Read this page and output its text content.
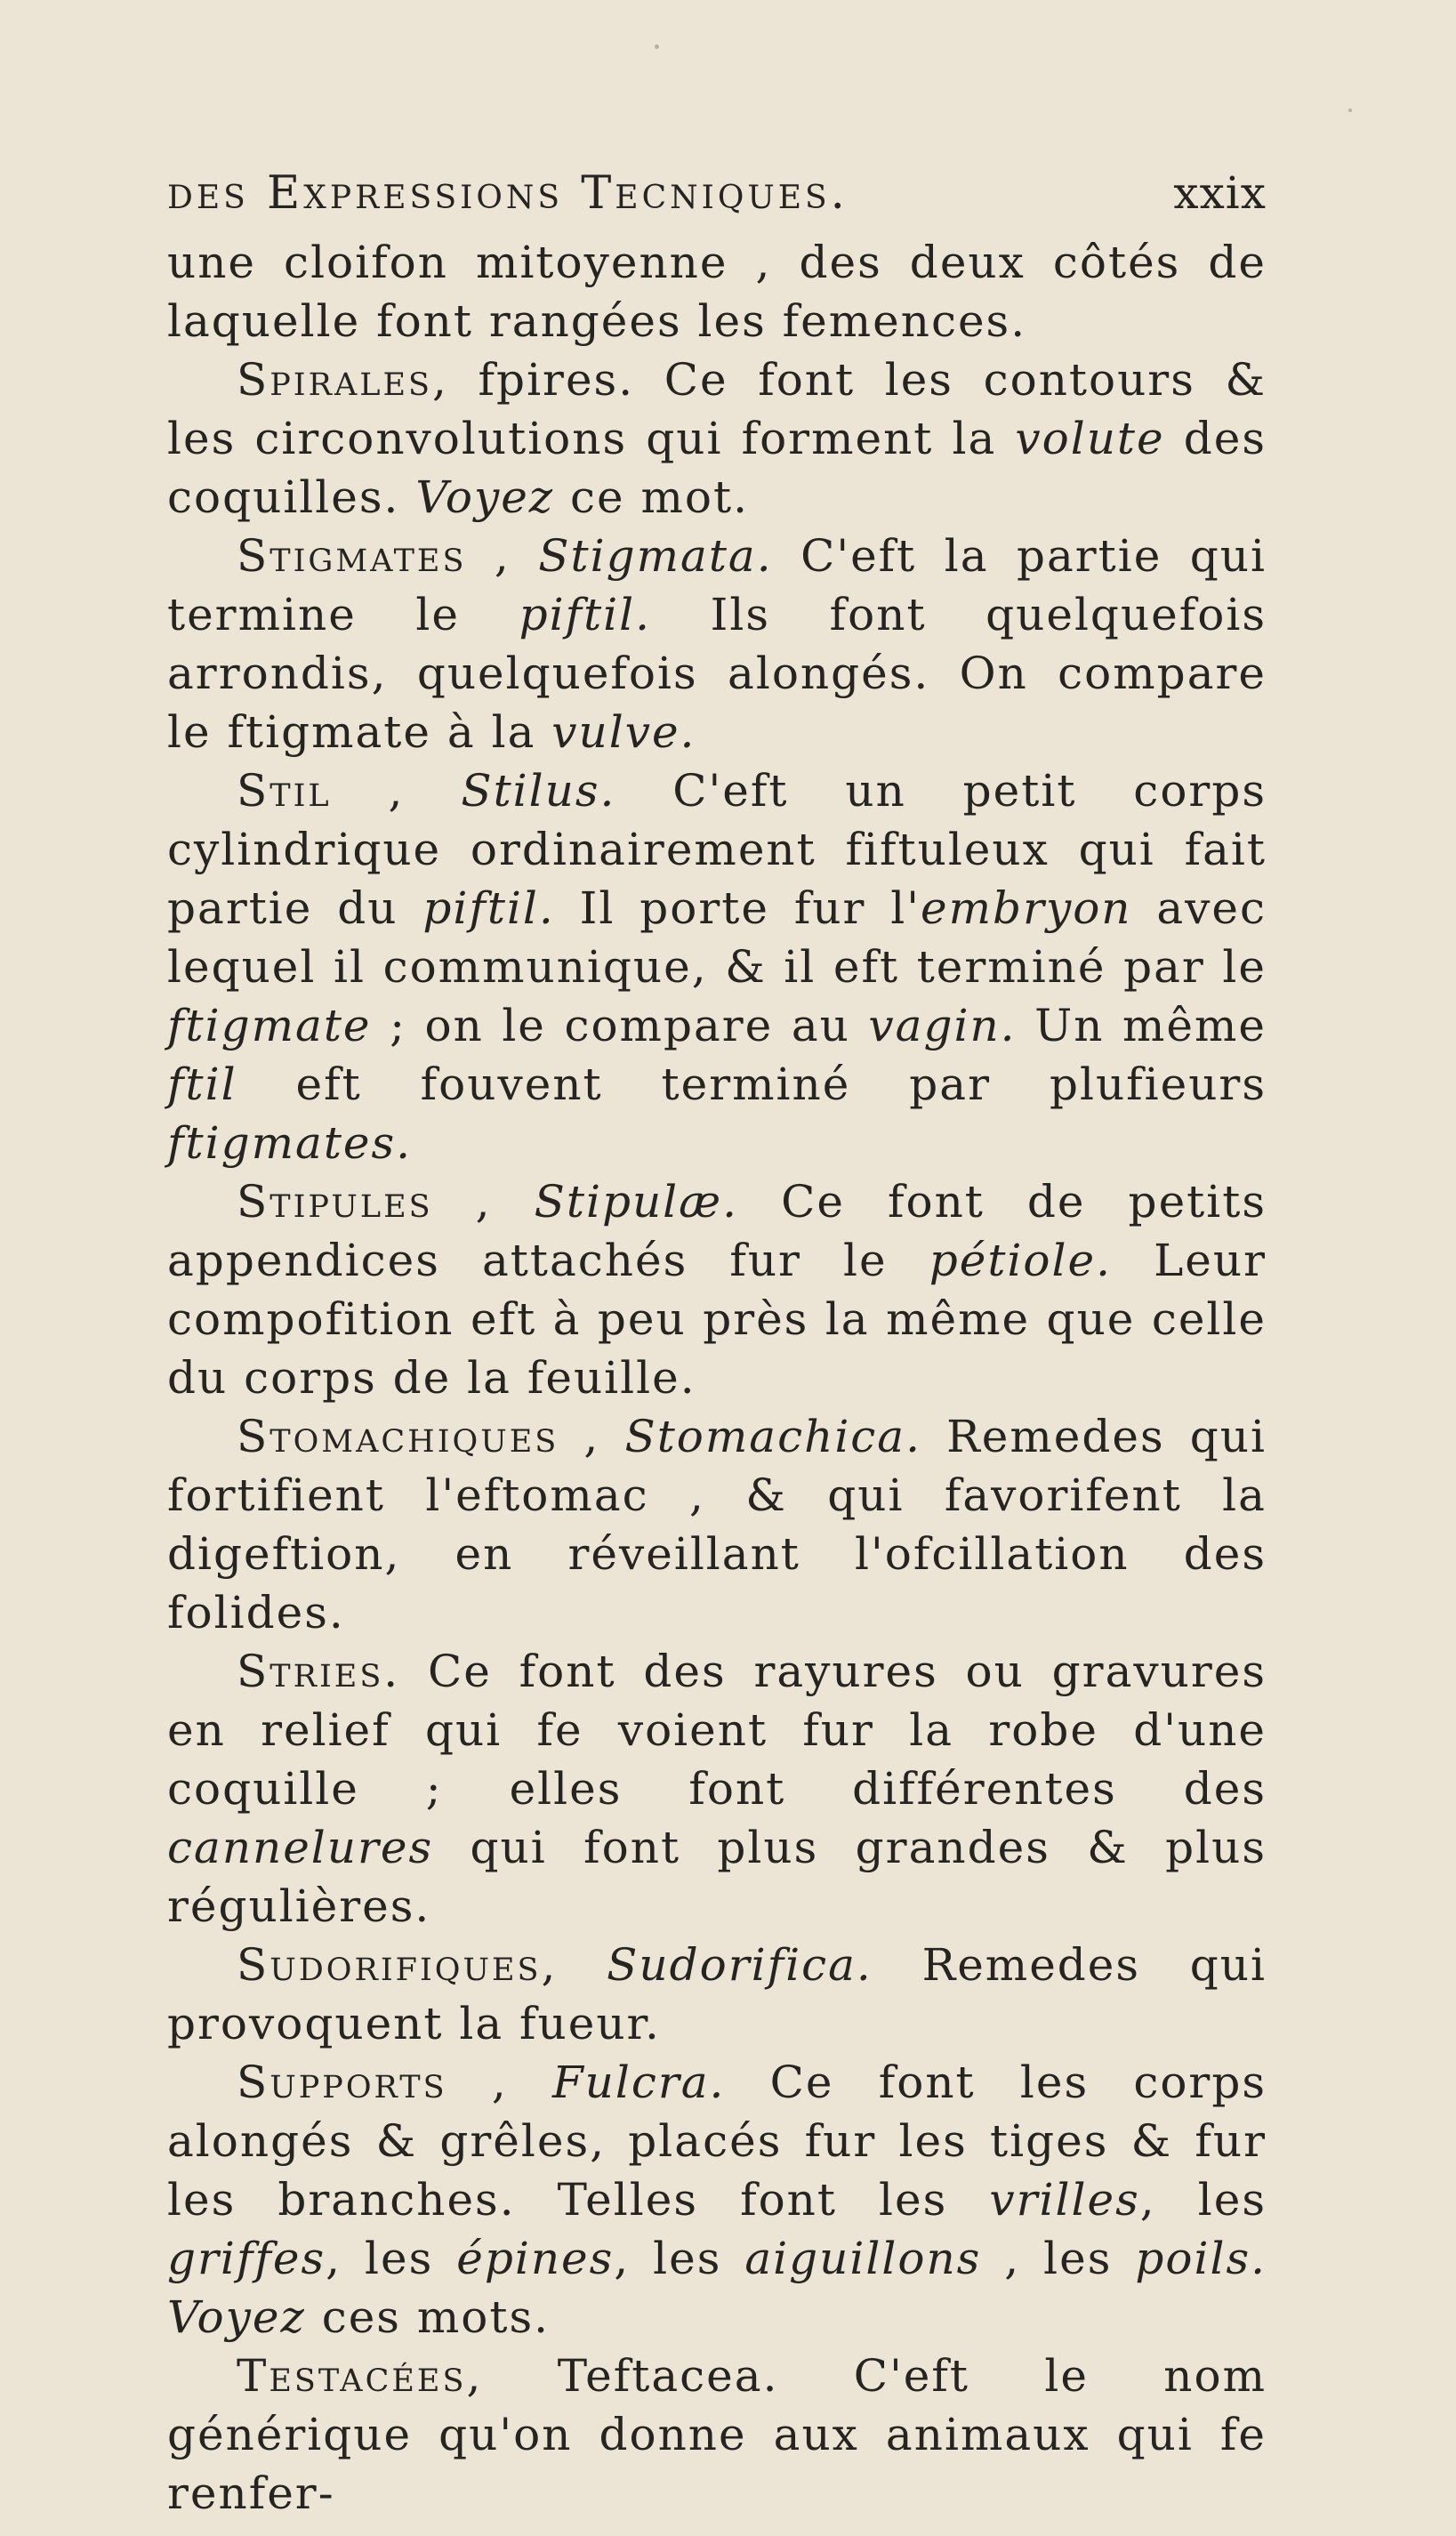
des Expressions Tecniques.	xxix

une cloifon mitoyenne , des deux côtés de laquelle font rangées les femences.

Spirales, fpires. Ce font les contours & les circonvolutions qui forment la volute des coquilles. Voyez ce mot.

Stigmates , Stigmata. C'eft la partie qui termine le piftil. Ils font quelquefois arrondis, quelquefois alongés. On compare le ftigmate à la vulve.

Stil , Stilus. C'eft un petit corps cylindrique ordinairement fiftuleux qui fait partie du piftil. Il porte fur l'embryon avec lequel il communique, & il eft terminé par le ftigmate ; on le compare au vagin. Un même ftil eft fouvent terminé par plufieurs ftigmates.

Stipules , Stipulæ. Ce font de petits appendices attachés fur le pétiole. Leur compofition eft à peu près la même que celle du corps de la feuille.

Stomachiques , Stomachica. Remedes qui fortifient l'eftomac , & qui favorifent la digeftion, en réveillant l'ofcillation des folides.

Stries. Ce font des rayures ou gravures en relief qui fe voient fur la robe d'une coquille ; elles font différentes des cannelures qui font plus grandes & plus régulières.

Sudorifiques, Sudorifica. Remedes qui provoquent la fueur.

Supports , Fulcra. Ce font les corps alongés & grêles, placés fur les tiges & fur les branches. Telles font les vrilles, les griffes, les épines, les aiguillons , les poils. Voyez ces mots.

Testacées, Teftacea. C'eft le nom générique qu'on donne aux animaux qui fe renfer-
